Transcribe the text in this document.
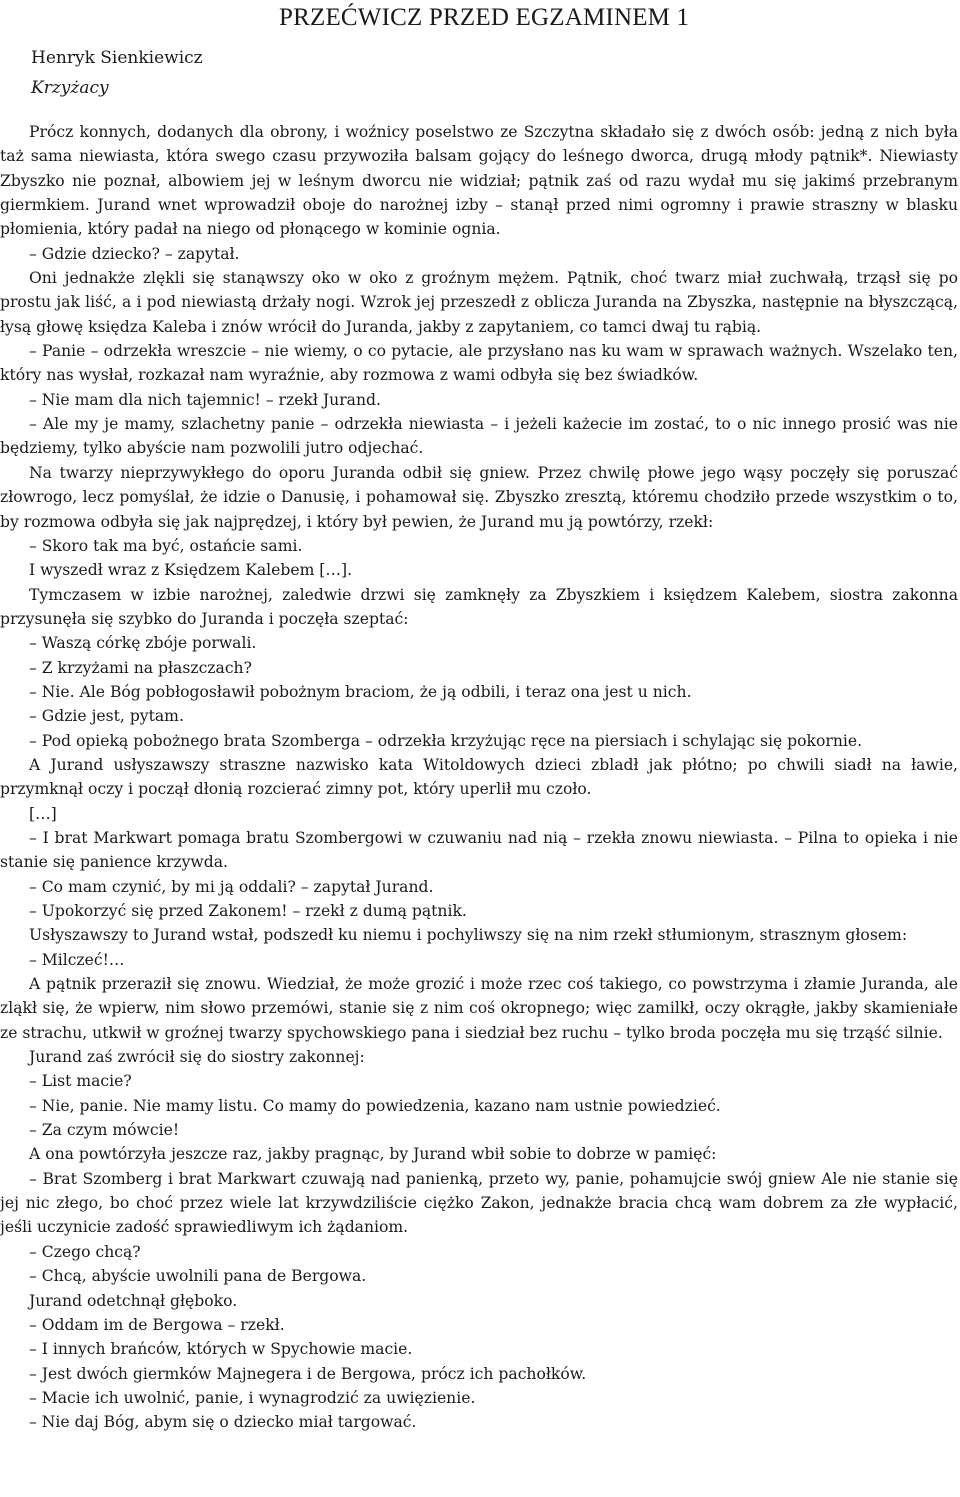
PRZEĆWICZ PRZED EGZAMINEM 1
Henryk Sienkiewicz
Krzyżacy

Prócz konnych, dodanych dla obrony, i woźnicy poselstwo ze Szczytna składało się z dwóch osób: jedną z nich była taż sama niewiasta, która swego czasu przywoziła balsam gojący do leśnego dworca, drugą młody pątnik*. Niewiasty Zbyszko nie poznał, albowiem jej w leśnym dworcu nie widział; pątnik zaś od razu wydał mu się jakimś przebranym giermkiem. Jurand wnet wprowadził oboje do narożnej izby – stanął przed nimi ogromny i prawie straszny w blasku płomienia, który padał na niego od płonącego w kominie ognia.

– Gdzie dziecko? – zapytał.

Oni jednakże zlękli się stanąwszy oko w oko z groźnym mężem. Pątnik, choć twarz miał zuchwałą, trząsł się po prostu jak liść, a i pod niewiastą drżały nogi. Wzrok jej przeszedł z oblicza Juranda na Zbyszka, następnie na błyszczącą, łysą głowę księdza Kaleba i znów wrócił do Juranda, jakby z zapytaniem, co tamci dwaj tu rąbią.

– Panie – odrzekła wreszcie – nie wiemy, o co pytacie, ale przysłano nas ku wam w sprawach ważnych. Wszelako ten, który nas wysłał, rozkazał nam wyraźnie, aby rozmowa z wami odbyła się bez świadków.

– Nie mam dla nich tajemnic! – rzekł Jurand.

– Ale my je mamy, szlachetny panie – odrzekła niewiasta – i jeżeli każecie im zostać, to o nic innego prosić was nie będziemy, tylko abyście nam pozwolili jutro odjechać.

Na twarzy nieprzywykłego do oporu Juranda odbił się gniew. Przez chwilę płowe jego wąsy poczęły się poruszać złowrogo, lecz pomyślał, że idzie o Danusię, i pohamował się. Zbyszko zresztą, któremu chodziło przede wszystkim o to, by rozmowa odbyła się jak najprędzej, i który był pewien, że Jurand mu ją powtórzy, rzekł:

– Skoro tak ma być, ostańcie sami.

I wyszedł wraz z Księdzem Kalebem […].

Tymczasem w izbie narożnej, zaledwie drzwi się zamknęły za Zbyszkiem i księdzem Kalebem, siostra zakonna przysunęła się szybko do Juranda i poczęła szeptać:

– Waszą córkę zbóje porwali.

– Z krzyżami na płaszczach?

– Nie. Ale Bóg pobłogosławił pobożnym braciom, że ją odbili, i teraz ona jest u nich.

– Gdzie jest, pytam.

– Pod opieką pobożnego brata Szomberga – odrzekła krzyżując ręce na piersiach i schylając się pokornie.

A Jurand usłyszawszy straszne nazwisko kata Witoldowych dzieci zbladł jak płótno; po chwili siadł na ławie, przymknął oczy i począł dłonią rozcierać zimny pot, który uperlił mu czoło.

[…]

– I brat Markwart pomaga bratu Szombergowi w czuwaniu nad nią – rzekła znowu niewiasta. – Pilna to opieka i nie stanie się panience krzywda.

– Co mam czynić, by mi ją oddali? – zapytał Jurand.

– Upokorzyć się przed Zakonem! – rzekł z dumą pątnik.

Usłyszawszy to Jurand wstał, podszedł ku niemu i pochyliwszy się na nim rzekł stłumionym, strasznym głosem:

– Milczeć!…

A pątnik przeraził się znowu. Wiedział, że może grozić i może rzec coś takiego, co powstrzyma i złamie Juranda, ale zląkł się, że wpierw, nim słowo przemówi, stanie się z nim coś okropnego; więc zamilkł, oczy okrągłe, jakby skamieniałe ze strachu, utkwił w groźnej twarzy spychowskiego pana i siedział bez ruchu – tylko broda poczęła mu się trząść silnie.

Jurand zaś zwrócił się do siostry zakonnej:

– List macie?

– Nie, panie. Nie mamy listu. Co mamy do powiedzenia, kazano nam ustnie powiedzieć.

– Za czym mówcie!

A ona powtórzyła jeszcze raz, jakby pragnąc, by Jurand wbił sobie to dobrze w pamięć:

– Brat Szomberg i brat Markwart czuwają nad panienką, przeto wy, panie, pohamujcie swój gniew Ale nie stanie się jej nic złego, bo choć przez wiele lat krzywdziliście ciężko Zakon, jednakże bracia chcą wam dobrem za złe wypłacić, jeśli uczynicie zadość sprawiedliwym ich żądaniom.

– Czego chcą?

– Chcą, abyście uwolnili pana de Bergowa.

Jurand odetchnął głęboko.

– Oddam im de Bergowa – rzekł.

– I innych brańców, których w Spychowie macie.

– Jest dwóch giermków Majnegera i de Bergowa, prócz ich pachołków.

– Macie ich uwolnić, panie, i wynagrodzić za uwięzienie.

– Nie daj Bóg, abym się o dziecko miał targować.
